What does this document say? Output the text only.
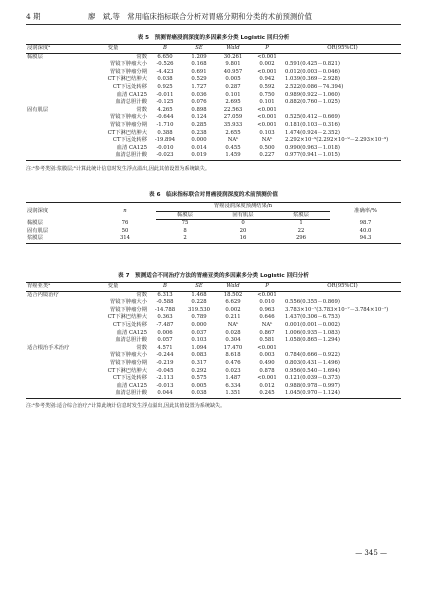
4 期	廖　斌,等　常用临床指标联合分析对胃癌分期和分类的术前预测价值
表 5　预测胃癌浸润深度的多因素多分类 Logistic 回归分析
浸润深度ᵃ	变量	B	SE	Wald	P	OR(95%CI)
黏膜层	常数	6.650	1.209	30.261	<0.001	
	胃镜下肿瘤大小	-0.526	0.168	9.801	0.002	0.591(0.425－0.821)
	胃镜下肿瘤分期	-4.423	0.691	40.957	<0.001	0.012(0.003－0.046)
	CT下淋巴结肿大	0.038	0.529	0.005	0.942	1.039(0.369－2.928)
	CT下远处转移	0.925	1.727	0.287	0.592	2.522(0.086－74.394)
	血清 CA125	-0.011	0.036	0.101	0.750	0.989(0.922－1.060)
	血清总胆汁酸	-0.125	0.076	2.695	0.101	0.882(0.760－1.025)
固有肌层	常数	4.265	0.898	22.563	<0.001	
	胃镜下肿瘤大小	-0.644	0.124	27.059	<0.001	0.525(0.412－0.669)
	胃镜下肿瘤分期	-1.710	0.285	35.933	<0.001	0.181(0.103－0.316)
	CT下淋巴结肿大	0.388	0.238	2.655	0.103	1.474(0.924－2.352)
	CT下远处转移	-19.894	0.000	NAᵇ	NAᵇ	2.292×10⁻⁹(2.292×10⁻⁹－2.293×10⁻⁹)
	血清 CA125	-0.010	0.014	0.455	0.500	0.990(0.963－1.018)
	血清总胆汁酸	-0.023	0.019	1.459	0.227	0.977(0.941－1.015)
注:ᵃ参考类别:浆膜层;ᵇ计算此统计信息时发生浮点溢出,因此其值设置为系统缺失。
表 6　临床指标联合对胃癌浸润深度的术前预测价值
浸润深度	n	胃癌浸润深度预测结果/n			准确率/%
		黏膜层	固有肌层	浆膜层	
黏膜层	76	75	0	1	98.7
固有肌层	50	8	20	22	40.0
浆膜层	314	2	16	296	94.3
表 7　预测适合不同治疗方法的胃癌亚类的多因素多分类 Logistic 回归分析
胃癌亚类ᵃ	变量	B	SE	Wald	P	OR(95%CI)
适合内镜治疗	常数	6.313	1.468	18.502	<0.001	
	胃镜下肿瘤大小	-0.588	0.228	6.629	0.010	0.556(0.355－0.869)
	胃镜下肿瘤分期	-14.788	319.530	0.002	0.963	3.783×10⁻⁷(3.783×10⁻⁷－3.784×10⁻⁷)
	CT下淋巴结肿大	0.363	0.789	0.211	0.646	1.437(0.306－6.753)
	CT下远处转移	-7.487	0.000	NAᵇ	NAᵇ	0.001(0.001－0.002)
	血清 CA125	0.006	0.037	0.028	0.867	1.006(0.935－1.083)
	血清总胆汁酸	0.057	0.103	0.304	0.581	1.058(0.865－1.294)
适合根治手术治疗	常数	4.571	1.094	17.470	<0.001	
	胃镜下肿瘤大小	-0.244	0.083	8.618	0.003	0.784(0.666－0.922)
	胃镜下肿瘤分期	-0.219	0.317	0.476	0.490	0.803(0.431－1.496)
	CT下淋巴结肿大	-0.045	0.292	0.023	0.878	0.956(0.540－1.694)
	CT下远处转移	-2.113	0.575	1.487	<0.001	0.121(0.039－0.373)
	血清 CA125	-0.013	0.005	6.334	0.012	0.988(0.978－0.997)
	血清总胆汁酸	0.044	0.038	1.351	0.245	1.045(0.970－1.124)
注:ᵃ参考类别:适合综合治疗;ᵇ计算此统计信息时发生浮点溢出,因此其值设置为系统缺失。
— 345 —
